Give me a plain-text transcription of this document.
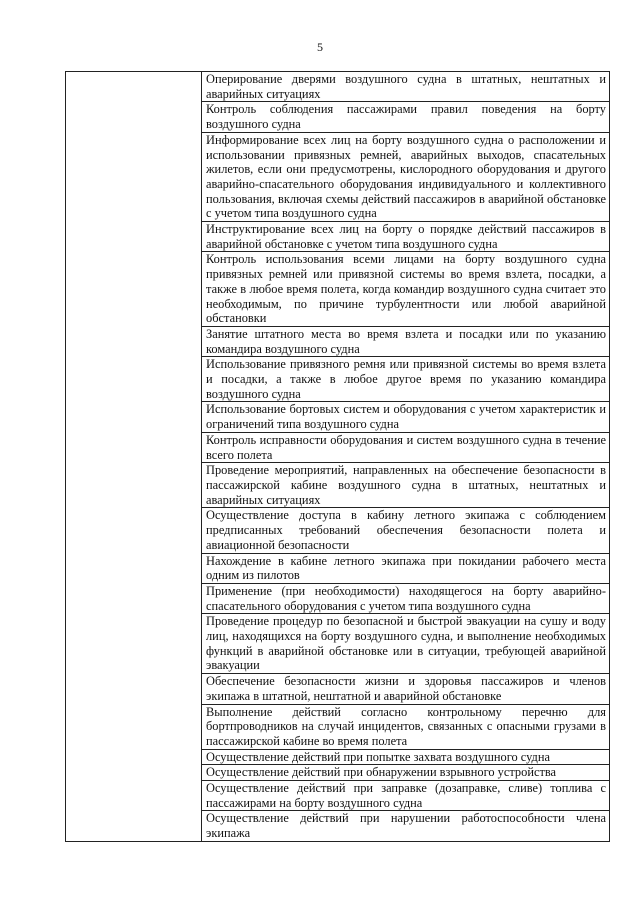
5
	Оперирование дверями воздушного судна в штатных, нештатных и аварийных ситуациях
Контроль соблюдения пассажирами правил поведения на борту воздушного судна
Информирование всех лиц на борту воздушного судна о расположении и использовании привязных ремней, аварийных выходов, спасательных жилетов, если они предусмотрены, кислородного оборудования и другого аварийно-спасательного оборудования индивидуального и коллективного пользования, включая схемы действий пассажиров в аварийной обстановке с учетом типа воздушного судна
Инструктирование всех лиц на борту о порядке действий пассажиров в аварийной обстановке с учетом типа воздушного судна
Контроль использования всеми лицами на борту воздушного судна привязных ремней или привязной системы во время взлета, посадки, а также в любое время полета, когда командир воздушного судна считает это необходимым, по причине турбулентности или любой аварийной обстановки
Занятие штатного места во время взлета и посадки или по указанию командира воздушного судна
Использование привязного ремня или привязной системы во время взлета и посадки, а также в любое другое время по указанию командира воздушного судна
Использование бортовых систем и оборудования с учетом характеристик и ограничений типа воздушного судна
Контроль исправности оборудования и систем воздушного судна в течение всего полета
Проведение мероприятий, направленных на обеспечение безопасности в пассажирской кабине воздушного судна в штатных, нештатных и аварийных ситуациях
Осуществление доступа в кабину летного экипажа с соблюдением предписанных требований обеспечения безопасности полета и авиационной безопасности
Нахождение в кабине летного экипажа при покидании рабочего места одним из пилотов
Применение (при необходимости) находящегося на борту аварийно-спасательного оборудования с учетом типа воздушного судна
Проведение процедур по безопасной и быстрой эвакуации на сушу и воду лиц, находящихся на борту воздушного судна, и выполнение необходимых функций в аварийной обстановке или в ситуации, требующей аварийной эвакуации
Обеспечение безопасности жизни и здоровья пассажиров и членов экипажа в штатной, нештатной и аварийной обстановке
Выполнение действий согласно контрольному перечню для бортпроводников на случай инцидентов, связанных с опасными грузами в пассажирской кабине во время полета
Осуществление действий при попытке захвата воздушного судна
Осуществление действий при обнаружении взрывного устройства
Осуществление действий при заправке (дозаправке, сливе) топлива с пассажирами на борту воздушного судна
Осуществление действий при нарушении работоспособности члена экипажа
